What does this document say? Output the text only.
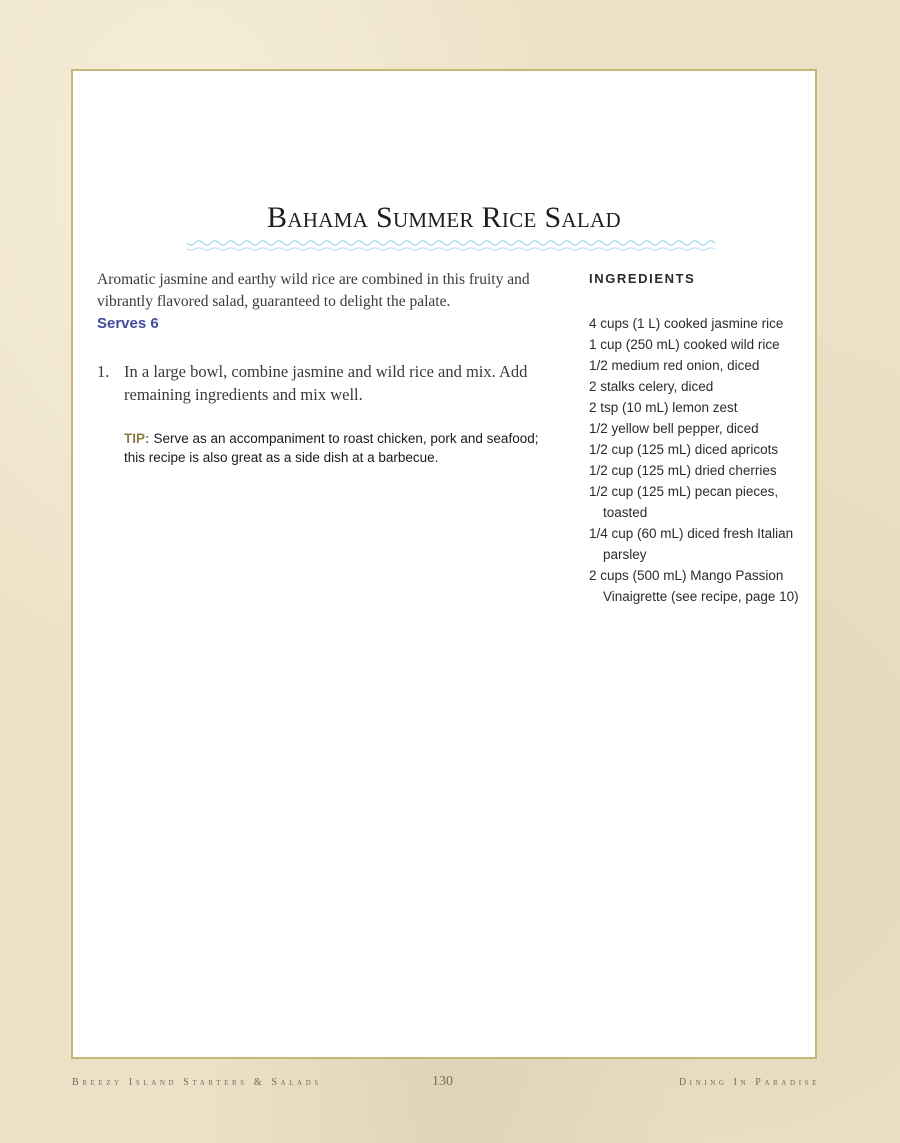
Bahama Summer Rice Salad

Aromatic jasmine and earthy wild rice are combined in this fruity and vibrantly flavored salad, guaranteed to delight the palate.

Serves 6

1. In a large bowl, combine jasmine and wild rice and mix. Add remaining ingredients and mix well.

TIP: Serve as an accompaniment to roast chicken, pork and seafood; this recipe is also great as a side dish at a barbecue.

INGREDIENTS
4 cups (1 L) cooked jasmine rice
1 cup (250 mL) cooked wild rice
1/2 medium red onion, diced
2 stalks celery, diced
2 tsp (10 mL) lemon zest
1/2 yellow bell pepper, diced
1/2 cup (125 mL) diced apricots
1/2 cup (125 mL) dried cherries
1/2 cup (125 mL) pecan pieces, toasted
1/4 cup (60 mL) diced fresh Italian parsley
2 cups (500 mL) Mango Passion Vinaigrette (see recipe, page 10)
Breezy Island Starters & Salads	130	Dining In Paradise
